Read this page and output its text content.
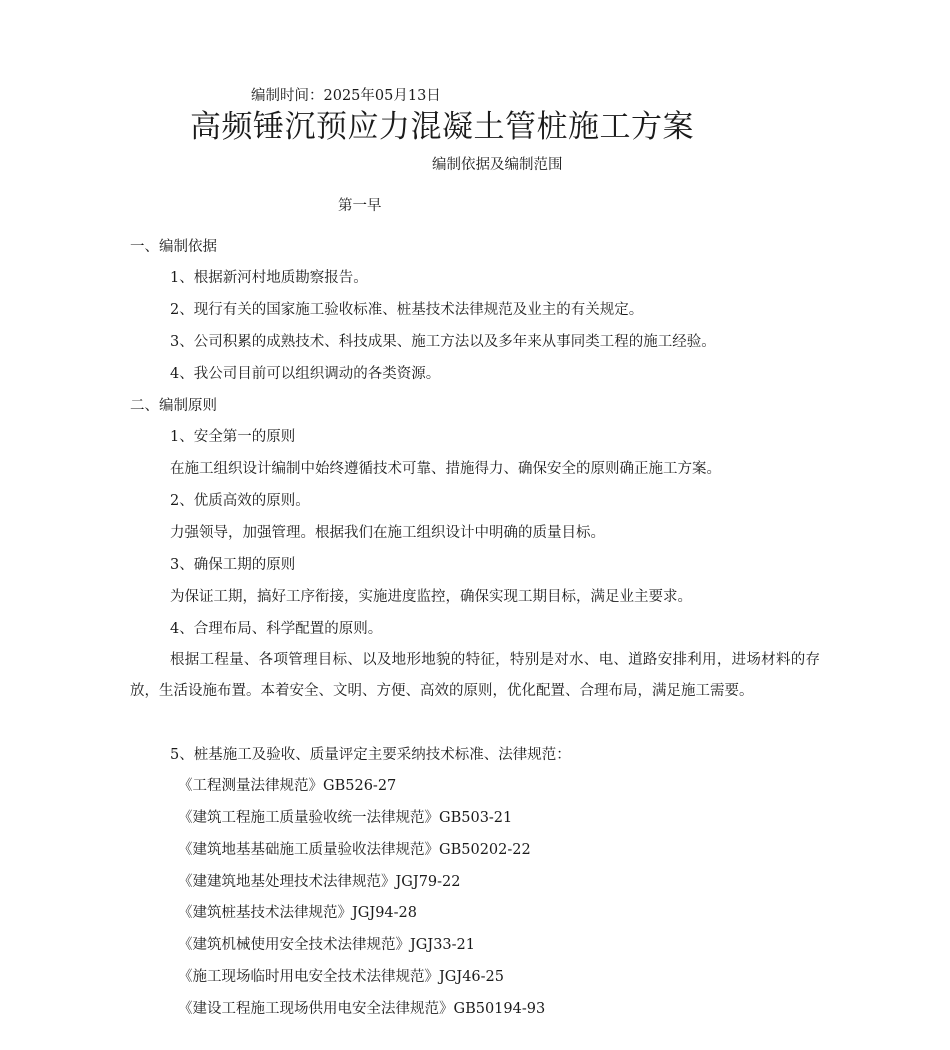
编制时间：2025年05月13日
高频锤沉预应力混凝土管桩施工方案
编制依据及编制范围
第一早
一、编制依据
1、根据新河村地质勘察报告。
2、现行有关的国家施工验收标准、桩基技术法律规范及业主的有关规定。
3、公司积累的成熟技术、科技成果、施工方法以及多年来从事同类工程的施工经验。
4、我公司目前可以组织调动的各类资源。
二、编制原则
1、安全第一的原则
在施工组织设计编制中始终遵循技术可靠、措施得力、确保安全的原则确正施工方案。
2、优质高效的原则。
力强领导，加强管理。根据我们在施工组织设计中明确的质量目标。
3、确保工期的原则
为保证工期，搞好工序衔接，实施进度监控，确保实现工期目标，满足业主要求。
4、合理布局、科学配置的原则。
根据工程量、各项管理目标、以及地形地貌的特征，特别是对水、电、道路安排利用，进场材料的存放，生活设施布置。本着安全、文明、方便、高效的原则，优化配置、合理布局，满足施工需要。
5、桩基施工及验收、质量评定主要采纳技术标准、法律规范：
《工程测量法律规范》GB526-27
《建筑工程施工质量验收统一法律规范》GB503-21
《建筑地基基础施工质量验收法律规范》GB50202-22
《建建筑地基处理技术法律规范》JGJ79-22
《建筑桩基技术法律规范》JGJ94-28
《建筑机械使用安全技术法律规范》JGJ33-21
《施工现场临时用电安全技术法律规范》JGJ46-25
《建设工程施工现场供用电安全法律规范》GB50194-93
